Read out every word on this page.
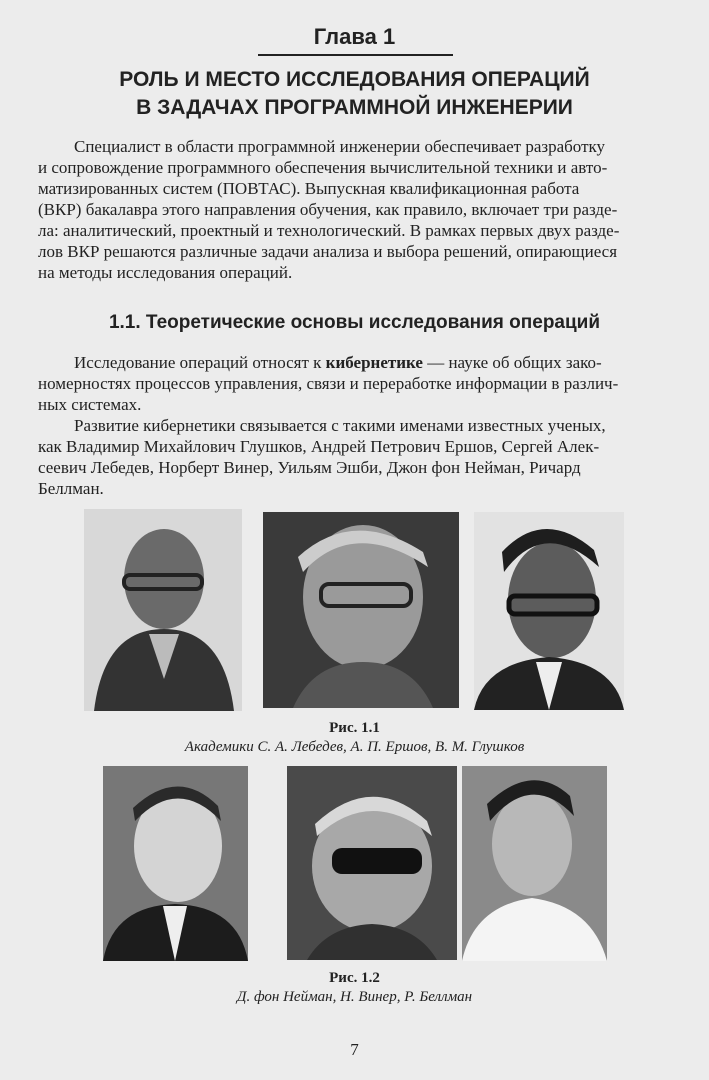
Глава 1
РОЛЬ И МЕСТО ИССЛЕДОВАНИЯ ОПЕРАЦИЙ
В ЗАДАЧАХ ПРОГРАММНОЙ ИНЖЕНЕРИИ
Специалист в области программной инженерии обеспечивает разработку
и сопровождение программного обеспечения вычислительной техники и авто-
матизированных систем (ПОВТАС). Выпускная квалификационная работа
(ВКР) бакалавра этого направления обучения, как правило, включает три разде-
ла: аналитический, проектный и технологический. В рамках первых двух разде-
лов ВКР решаются различные задачи анализа и выбора решений, опирающиеся
на методы исследования операций.
1.1. Теоретические основы исследования операций
Исследование операций относят к кибернетике — науке об общих зако-
номерностях процессов управления, связи и переработке информации в различ-
ных системах.
Развитие кибернетики связывается с такими именами известных ученых,
как Владимир Михайлович Глушков, Андрей Петрович Ершов, Сергей Алек-
сеевич Лебедев, Норберт Винер, Уильям Эшби, Джон фон Нейман, Ричард
Беллман.
Рис. 1.1
Академики С. А. Лебедев, А. П. Ершов, В. М. Глушков
Рис. 1.2
Д. фон Нейман, Н. Винер, Р. Беллман
7
